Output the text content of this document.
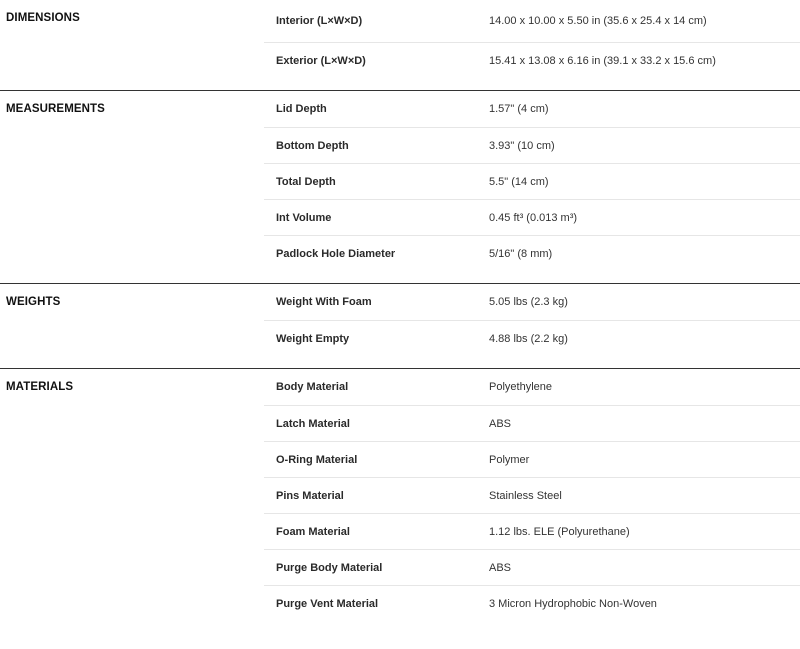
DIMENSIONS	Interior (L×W×D)	14.00 x 10.00 x 5.50 in (35.6 x 25.4 x 14 cm)
Exterior (L×W×D)	15.41 x 13.08 x 6.16 in (39.1 x 33.2 x 15.6 cm)
MEASUREMENTS	Lid Depth	1.57" (4 cm)
Bottom Depth	3.93" (10 cm)
Total Depth	5.5" (14 cm)
Int Volume	0.45 ft³ (0.013 m³)
Padlock Hole Diameter	5/16" (8 mm)
WEIGHTS	Weight With Foam	5.05 lbs (2.3 kg)
Weight Empty	4.88 lbs (2.2 kg)
MATERIALS	Body Material	Polyethylene
Latch Material	ABS
O-Ring Material	Polymer
Pins Material	Stainless Steel
Foam Material	1.12 lbs. ELE (Polyurethane)
Purge Body Material	ABS
Purge Vent Material	3 Micron Hydrophobic Non-Woven
